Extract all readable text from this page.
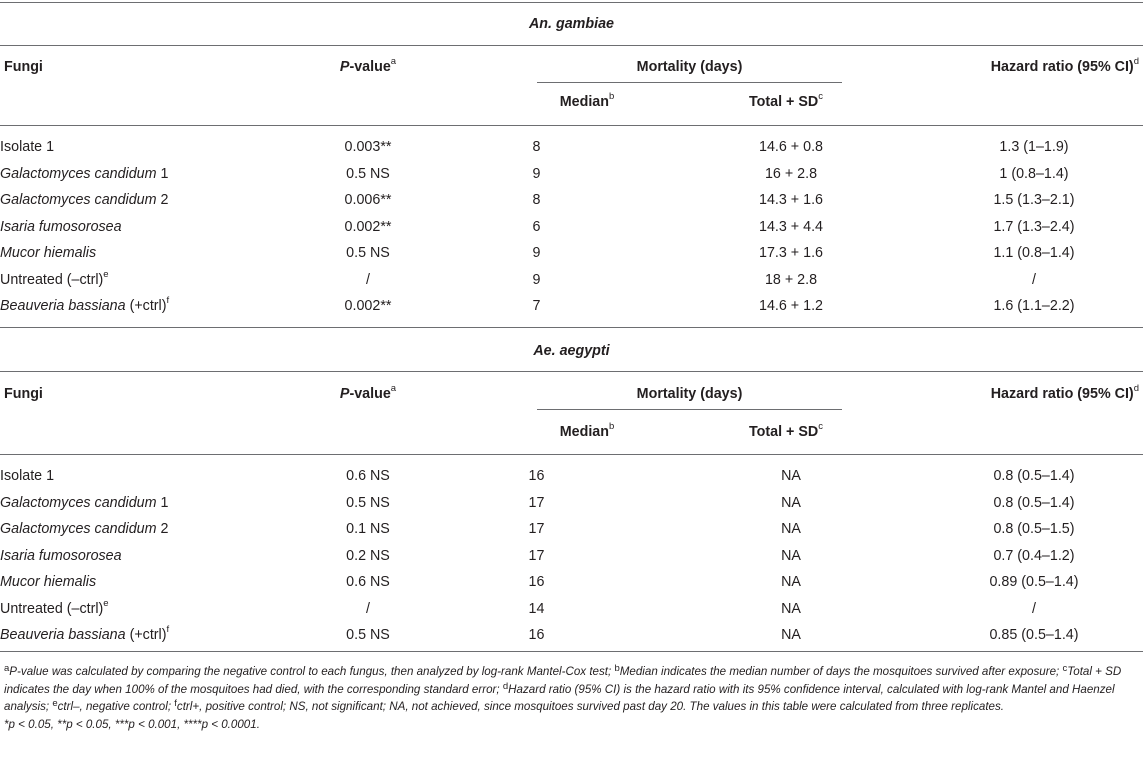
An. gambiae
Fungi	P-value$^a$	Mortality (days)	Hazard ratio (95% CI)$^d$
Median$^b$	Total + $SD^c$
Isolate 1	0.003**	8	14.6 + 0.8	1.3 (1–1.9)
Galactomyces candidum 1	0.5 NS	9	16 + 2.8	1 (0.8–1.4)
Galactomyces candidum 2	0.006**	8	14.3 + 1.6	1.5 (1.3–2.1)
Isaria fumosorosea	0.002**	6	14.3 + 4.4	1.7 (1.3–2.4)
Mucor hiemalis	0.5 NS	9	17.3 + 1.6	1.1 (0.8–1.4)
Untreated (–ctrl)$^e$	/	9	18 + 2.8	/
Beauveria bassiana (+ctrl)$^f$	0.002**	7	14.6 + 1.2	1.6 (1.1–2.2)
Ae. aegypti
Fungi	P-value$^a$	Mortality (days)	Hazard ratio (95% CI)$^d$
Median$^b$	Total + $SD^c$
Isolate 1	0.6 NS	16	NA	0.8 (0.5–1.4)
Galactomyces candidum 1	0.5 NS	17	NA	0.8 (0.5–1.4)
Galactomyces candidum 2	0.1 NS	17	NA	0.8 (0.5–1.5)
Isaria fumosorosea	0.2 NS	17	NA	0.7 (0.4–1.2)
Mucor hiemalis	0.6 NS	16	NA	0.89 (0.5–1.4)
Untreated (–ctrl)$^e$	/	14	NA	/
Beauveria bassiana (+ctrl)$^f$	0.5 NS	16	NA	0.85 (0.5–1.4)
$^a$P-value was calculated by comparing the negative control to each fungus, then analyzed by log-rank Mantel-Cox test; $^b$Median indicates the median number of days the mosquitoes survived after exposure; $^c$Total + SD indicates the day when 100% of the mosquitoes had died, with the corresponding standard error; $^d$Hazard ratio (95% CI) is the hazard ratio with its 95% confidence interval, calculated with log-rank Mantel and Haenzel analysis; $^e$ctrl–, negative control; $^f$ctrl+, positive control; NS, not significant; NA, not achieved, since mosquitoes survived past day 20. The values in this table were calculated from three replicates.
*p < 0.05, **p < 0.05, ***p < 0.001, ****p < 0.0001.
